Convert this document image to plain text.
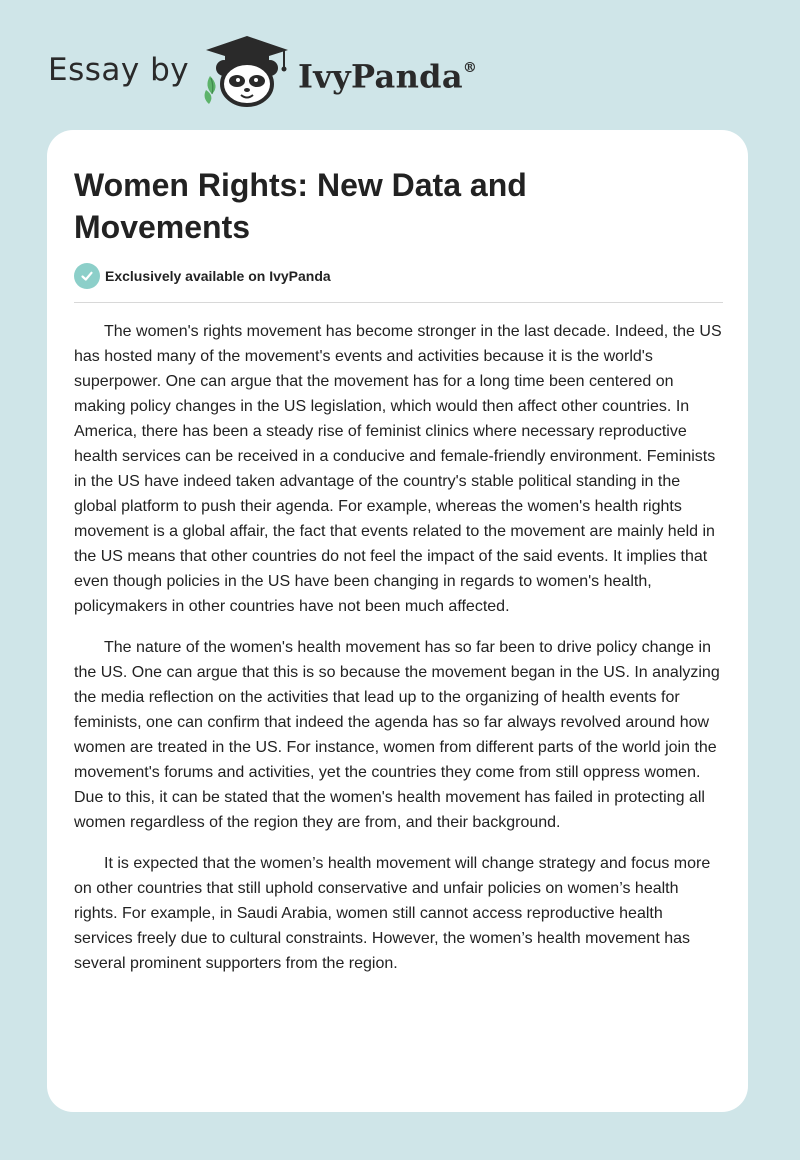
Essay by	IvyPanda®
Women Rights: New Data and Movements
Exclusively available on IvyPanda

The women's rights movement has become stronger in the last decade. Indeed, the US has hosted many of the movement's events and activities because it is the world's superpower. One can argue that the movement has for a long time been centered on making policy changes in the US legislation, which would then affect other countries. In America, there has been a steady rise of feminist clinics where necessary reproductive health services can be received in a conducive and female-friendly environment. Feminists in the US have indeed taken advantage of the country's stable political standing in the global platform to push their agenda. For example, whereas the women's health rights movement is a global affair, the fact that events related to the movement are mainly held in the US means that other countries do not feel the impact of the said events. It implies that even though policies in the US have been changing in regards to women's health, policymakers in other countries have not been much affected.

The nature of the women's health movement has so far been to drive policy change in the US. One can argue that this is so because the movement began in the US. In analyzing the media reflection on the activities that lead up to the organizing of health events for feminists, one can confirm that indeed the agenda has so far always revolved around how women are treated in the US. For instance, women from different parts of the world join the movement's forums and activities, yet the countries they come from still oppress women. Due to this, it can be stated that the women's health movement has failed in protecting all women regardless of the region they are from, and their background.

It is expected that the women’s health movement will change strategy and focus more on other countries that still uphold conservative and unfair policies on women’s health rights. For example, in Saudi Arabia, women still cannot access reproductive health services freely due to cultural constraints. However, the women’s health movement has several prominent supporters from the region.
